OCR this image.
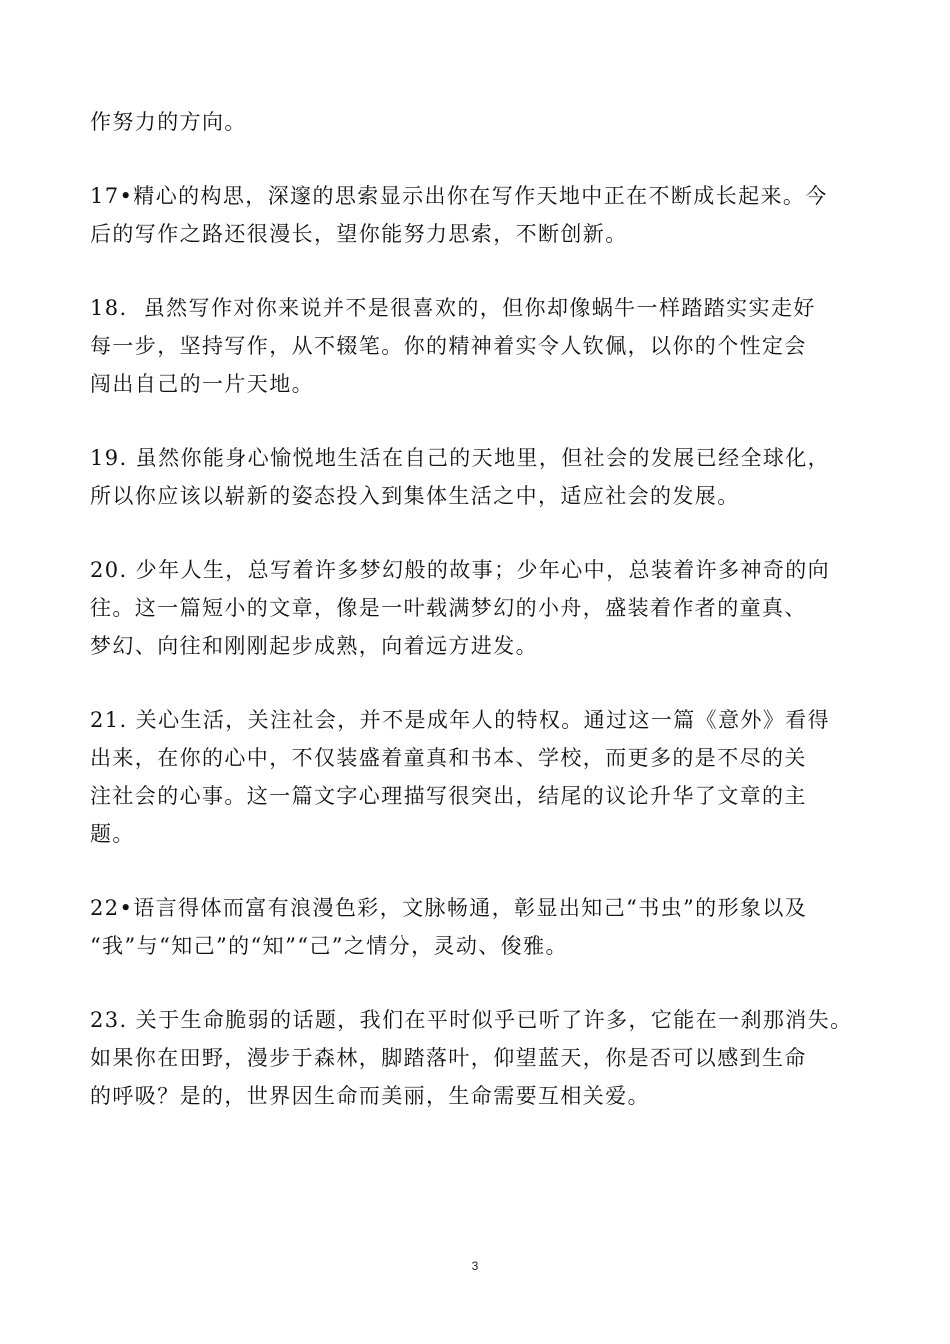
作努力的方向。

17•精心的构思，深邃的思索显示出你在写作天地中正在不断成长起来。今
后的写作之路还很漫长，望你能努力思索，不断创新。

18.  虽然写作对你来说并不是很喜欢的，但你却像蜗牛一样踏踏实实走好
每一步，坚持写作，从不辍笔。你的精神着实令人钦佩，以你的个性定会
闯出自己的一片天地。

19. 虽然你能身心愉悦地生活在自己的天地里，但社会的发展已经全球化，
所以你应该以崭新的姿态投入到集体生活之中，适应社会的发展。

20. 少年人生，总写着许多梦幻般的故事；少年心中，总装着许多神奇的向
往。这一篇短小的文章，像是一叶载满梦幻的小舟，盛装着作者的童真、
梦幻、向往和刚刚起步成熟，向着远方进发。

21. 关心生活，关注社会，并不是成年人的特权。通过这一篇《意外》看得
出来，在你的心中，不仅装盛着童真和书本、学校，而更多的是不尽的关
注社会的心事。这一篇文字心理描写很突出，结尾的议论升华了文章的主
题。

22•语言得体而富有浪漫色彩，文脉畅通，彰显出知己“书虫”的形象以及
“我”与“知己”的“知”“己”之情分，灵动、俊雅。

23. 关于生命脆弱的话题，我们在平时似乎已听了许多，它能在一刹那消失。
如果你在田野，漫步于森林，脚踏落叶，仰望蓝天，你是否可以感到生命
的呼吸？是的，世界因生命而美丽，生命需要互相关爱。

3
